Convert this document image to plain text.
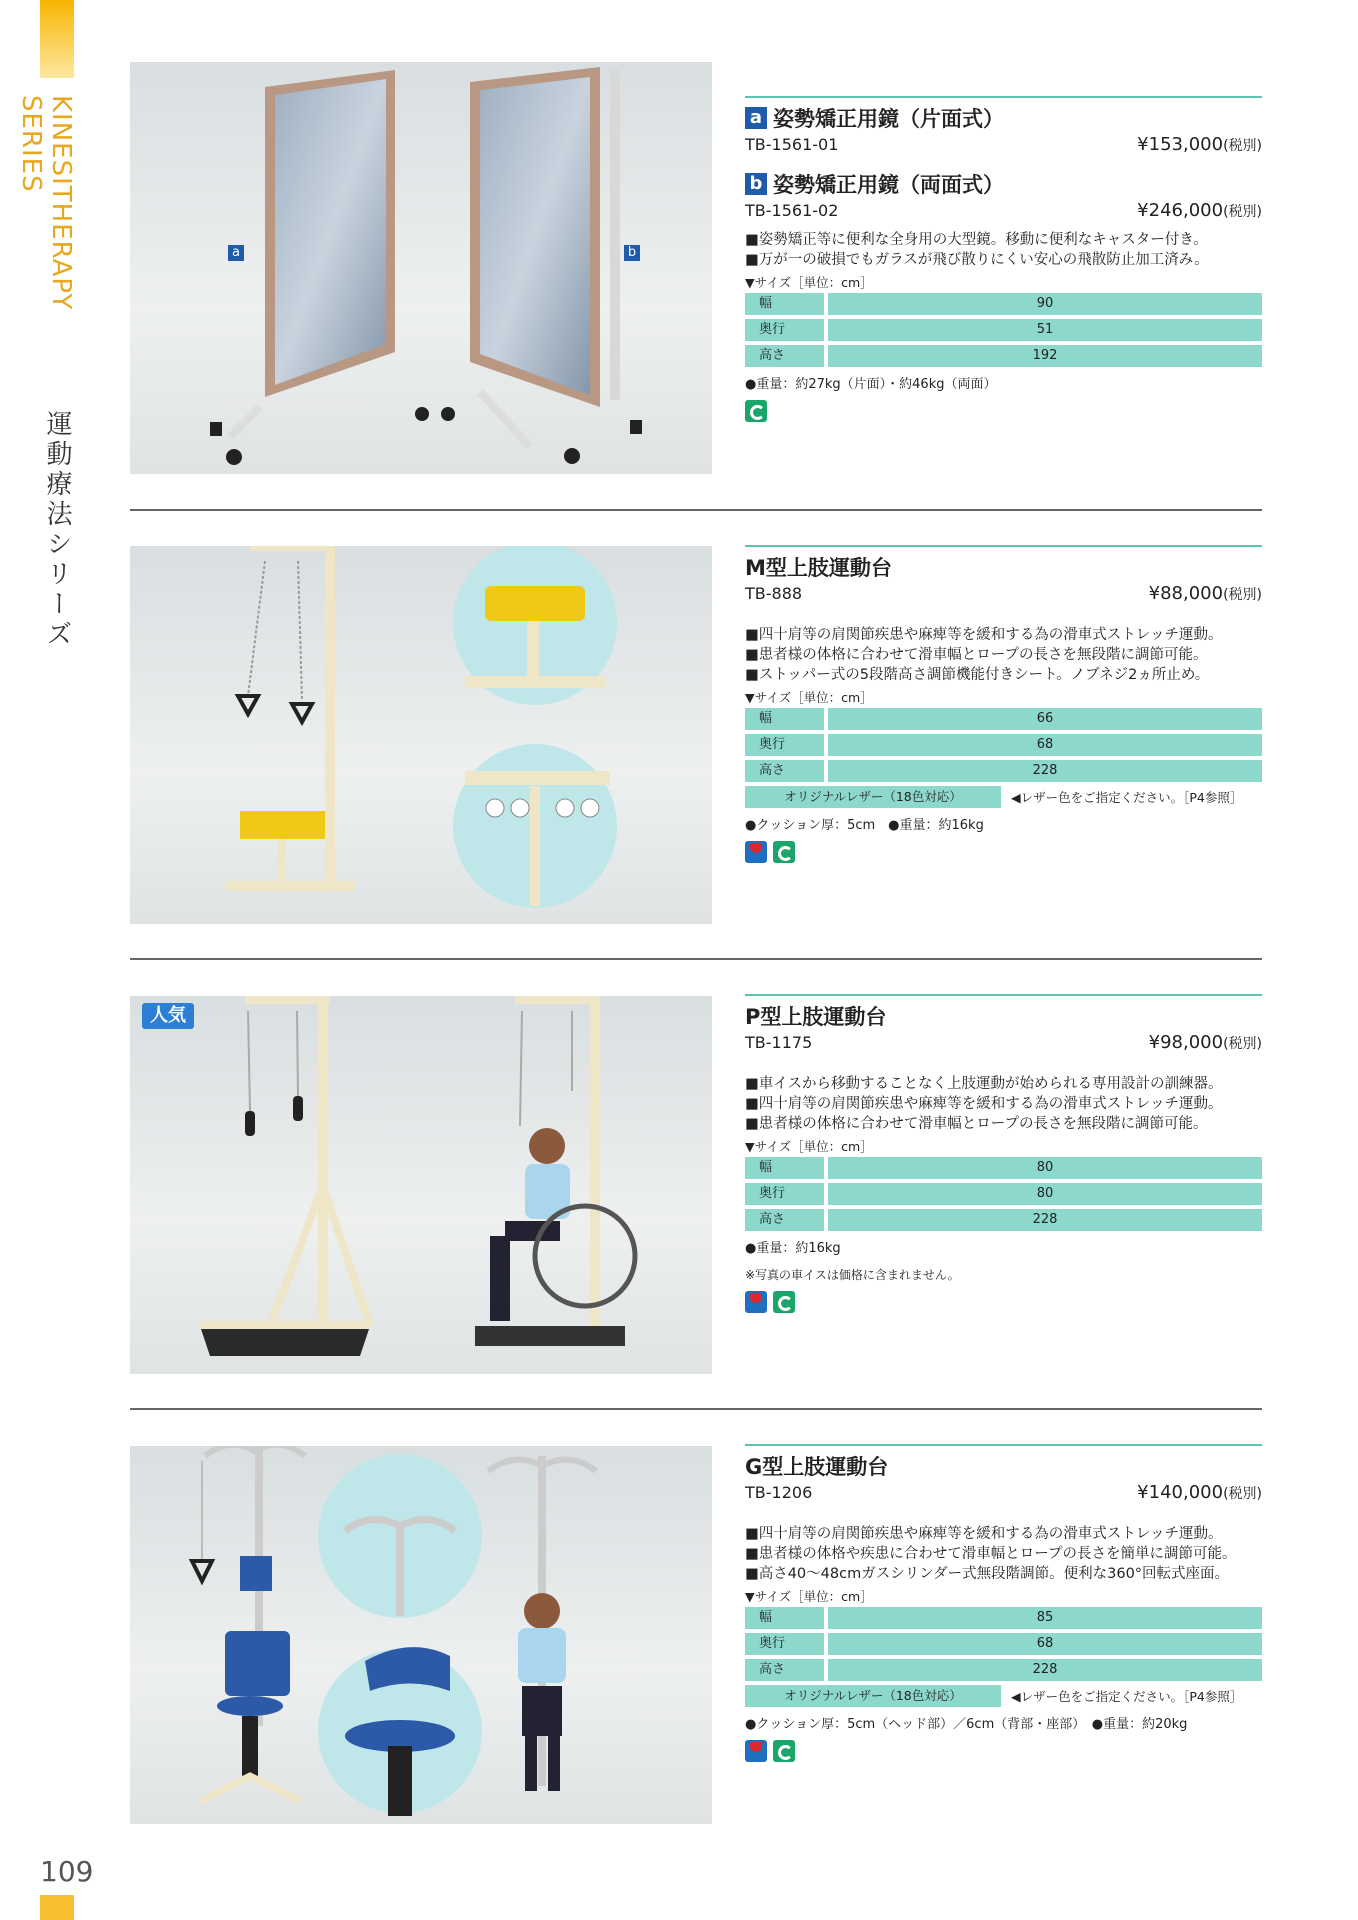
KINESITHERAPY SERIES
運動療法シリーズ
109
a	b
a 姿勢矯正用鏡（片面式）
TB-1561-01	¥153,000(税別)
b 姿勢矯正用鏡（両面式）
TB-1561-02	¥246,000(税別)
■姿勢矯正等に便利な全身用の大型鏡。移動に便利なキャスター付き。
■万が一の破損でもガラスが飛び散りにくい安心の飛散防止加工済み。
▼サイズ［単位：cm］
幅	90
奥行	51
高さ	192
●重量：約27kg（片面）・約46kg（両面）
M型上肢運動台
TB-888	¥88,000(税別)
■四十肩等の肩関節疾患や麻痺等を緩和する為の滑車式ストレッチ運動。
■患者様の体格に合わせて滑車幅とロープの長さを無段階に調節可能。
■ストッパー式の5段階高さ調節機能付きシート。ノブネジ2ヵ所止め。
▼サイズ［単位：cm］
幅	66
奥行	68
高さ	228
オリジナルレザー（18色対応）	◀レザー色をご指定ください。［P4参照］
●クッション厚：5cm　●重量：約16kg
人気	P型上肢運動台
TB-1175	¥98,000(税別)
■車イスから移動することなく上肢運動が始められる専用設計の訓練器。
■四十肩等の肩関節疾患や麻痺等を緩和する為の滑車式ストレッチ運動。
■患者様の体格に合わせて滑車幅とロープの長さを無段階に調節可能。
▼サイズ［単位：cm］
幅	80
奥行	80
高さ	228
●重量：約16kg
※写真の車イスは価格に含まれません。
G型上肢運動台
TB-1206	¥140,000(税別)
■四十肩等の肩関節疾患や麻痺等を緩和する為の滑車式ストレッチ運動。
■患者様の体格や疾患に合わせて滑車幅とロープの長さを簡単に調節可能。
■高さ40〜48cmガスシリンダー式無段階調節。便利な360°回転式座面。
▼サイズ［単位：cm］
幅	85
奥行	68
高さ	228
オリジナルレザー（18色対応）	◀レザー色をご指定ください。［P4参照］
●クッション厚：5cm（ヘッド部）／6cm（背部・座部）　●重量：約20kg
